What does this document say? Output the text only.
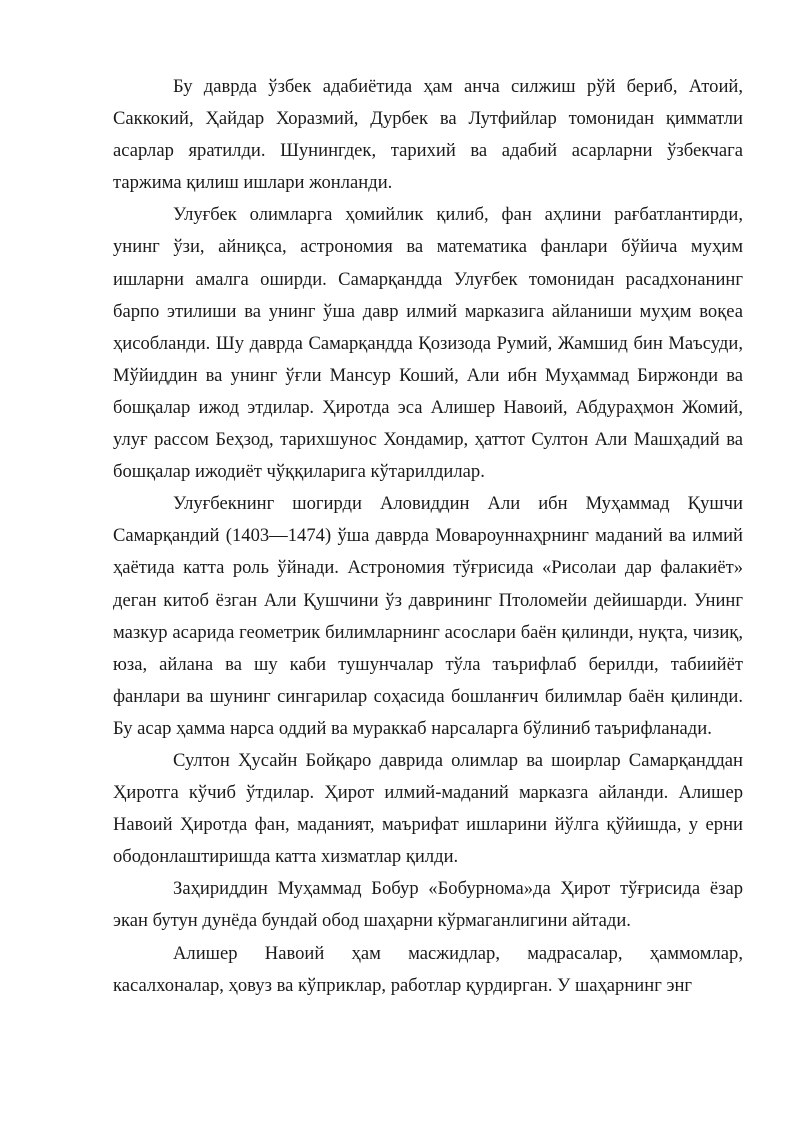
Бу даврда ўзбек адабиётида ҳам анча силжиш рўй бериб, Атоий, Саккокий, Ҳайдар Хоразмий, Дурбек ва Лутфийлар томонидан қимматли асарлар яратилди. Шунингдек, тарихий ва адабий асарларни ўзбекчага таржима қилиш ишлари жонланди.

Улуғбек олимларга ҳомийлик қилиб, фан аҳлини рағбатлантирди, унинг ўзи, айниқса, астрономия ва математика фанлари бўйича муҳим ишларни амалга оширди. Самарқандда Улуғбек томонидан расадхонанинг барпо этилиши ва унинг ўша давр илмий марказига айланиши муҳим воқеа ҳисобланди. Шу даврда Самарқандда Қозизода Румий, Жамшид бин Маъсуди, Мўйиддин ва унинг ўғли Мансур Коший, Али ибн Муҳаммад Биржонди ва бошқалар ижод этдилар. Ҳиротда эса Алишер Навоий, Абдураҳмон Жомий, улуғ рассом Беҳзод, тарихшунос Хондамир, ҳаттот Султон Али Машҳадий ва бошқалар ижодиёт чўққиларига кўтарилдилар.

Улуғбекнинг шогирди Аловиддин Али ибн Муҳаммад Қушчи Самарқандий (1403—1474) ўша даврда Мовароуннаҳрнинг маданий ва илмий ҳаётида катта роль ўйнади. Астрономия тўғрисида «Рисолаи дар фалакиёт» деган китоб ёзган Али Қушчини ўз даврининг Птоломейи дейишарди. Унинг мазкур асарида геометрик билимларнинг асослари баён қилинди, нуқта, чизиқ, юза, айлана ва шу каби тушунчалар тўла таърифлаб берилди, табиийёт фанлари ва шунинг сингарилар соҳасида бошланғич билимлар баён қилинди. Бу асар ҳамма нарса оддий ва мураккаб нарсаларга бўлиниб таърифланади.

Султон Ҳусайн Бойқаро даврида олимлар ва шоирлар Самарқанддан Ҳиротга кўчиб ўтдилар. Ҳирот илмий-маданий марказга айланди. Алишер Навоий Ҳиротда фан, маданият, маърифат ишларини йўлга қўйишда, у ерни ободонлаштиришда катта хизматлар қилди.

Заҳириддин Муҳаммад Бобур «Бобурнома»да Ҳирот тўғрисида ёзар экан бутун дунёда бундай обод шаҳарни кўрмаганлигини айтади.

Алишер Навоий ҳам масжидлар, мадрасалар, ҳаммомлар, касалхоналар, ҳовуз ва кўприклар, работлар қурдирган. У шаҳарнинг энг
